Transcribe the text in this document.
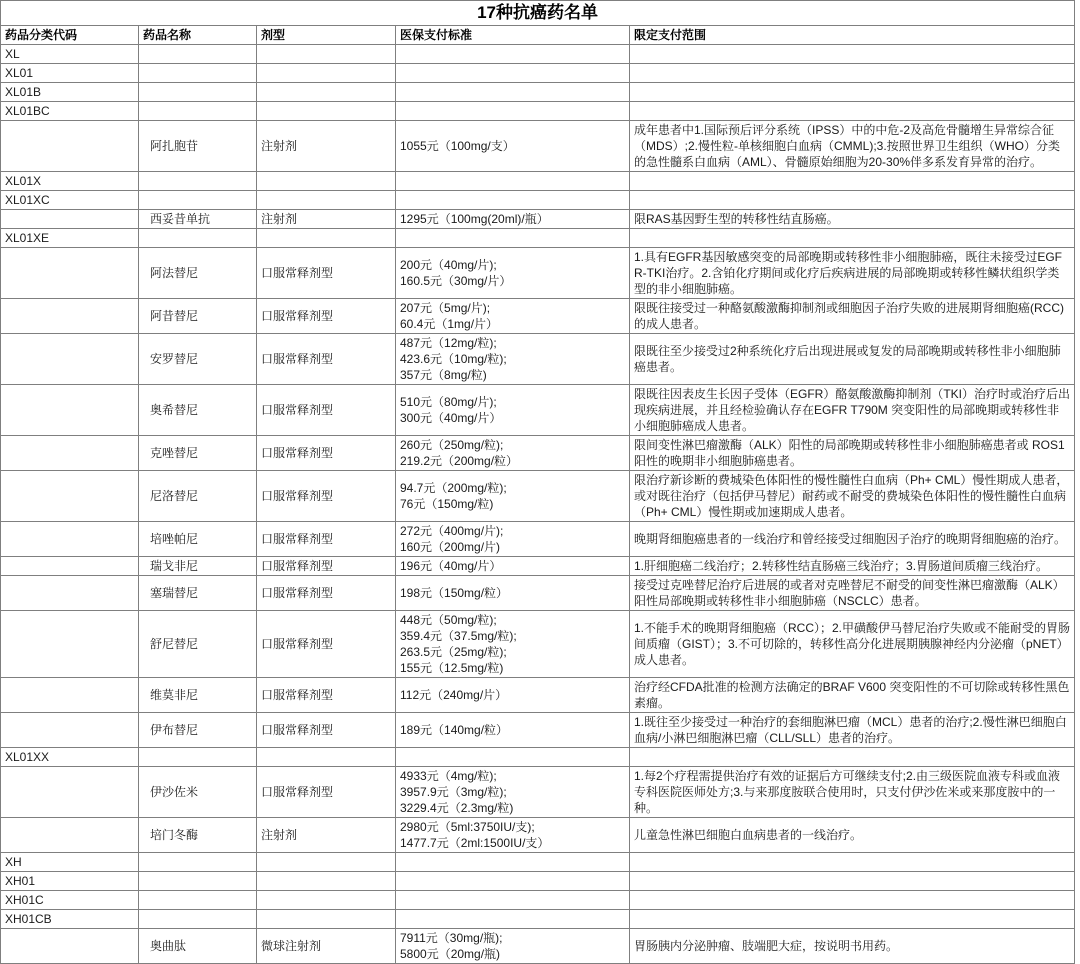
17种抗癌药名单				
药品分类代码	药品名称	剂型	医保支付标准	限定支付范围
XL				
XL01				
XL01B				
XL01BC				
	阿扎胞苷	注射剂	1055元（100mg/支）	成年患者中1.国际预后评分系统（IPSS）中的中危-2及高危骨髓增生异常综合征（MDS）;2.慢性粒-单核细胞白血病（CMML);3.按照世界卫生组织（WHO）分类的急性髓系白血病（AML）、骨髓原始细胞为20-30%伴多系发育异常的治疗。
XL01X				
XL01XC				
	西妥昔单抗	注射剂	1295元（100mg(20ml)/瓶）	限RAS基因野生型的转移性结直肠癌。
XL01XE				
	阿法替尼	口服常释剂型	200元（40mg/片);
160.5元（30mg/片）	1.具有EGFR基因敏感突变的局部晚期或转移性非小细胞肺癌，既往未接受过EGFR-TKI治疗。2.含铂化疗期间或化疗后疾病进展的局部晚期或转移性鳞状组织学类型的非小细胞肺癌。
	阿昔替尼	口服常释剂型	207元（5mg/片);
60.4元（1mg/片）	限既往接受过一种酪氨酸激酶抑制剂或细胞因子治疗失败的进展期肾细胞癌(RCC)的成人患者。
	安罗替尼	口服常释剂型	487元（12mg/粒);
423.6元（10mg/粒);
357元（8mg/粒)	限既往至少接受过2种系统化疗后出现进展或复发的局部晚期或转移性非小细胞肺癌患者。
	奥希替尼	口服常释剂型	510元（80mg/片);
300元（40mg/片）	限既往因表皮生长因子受体（EGFR）酪氨酸激酶抑制剂（TKI）治疗时或治疗后出现疾病进展，并且经检验确认存在EGFR T790M 突变阳性的局部晚期或转移性非小细胞肺癌成人患者。
	克唑替尼	口服常释剂型	260元（250mg/粒);
219.2元（200mg/粒）	限间变性淋巴瘤激酶（ALK）阳性的局部晚期或转移性非小细胞肺癌患者或 ROS1阳性的晚期非小细胞肺癌患者。
	尼洛替尼	口服常释剂型	94.7元（200mg/粒);
76元（150mg/粒)	限治疗新诊断的费城染色体阳性的慢性髓性白血病（Ph+ CML）慢性期成人患者，或对既往治疗（包括伊马替尼）耐药或不耐受的费城染色体阳性的慢性髓性白血病（Ph+ CML）慢性期或加速期成人患者。
	培唑帕尼	口服常释剂型	272元（400mg/片);
160元（200mg/片)	晚期肾细胞癌患者的一线治疗和曾经接受过细胞因子治疗的晚期肾细胞癌的治疗。
	瑞戈非尼	口服常释剂型	196元（40mg/片）	1.肝细胞癌二线治疗；2.转移性结直肠癌三线治疗；3.胃肠道间质瘤三线治疗。
	塞瑞替尼	口服常释剂型	198元（150mg/粒）	接受过克唑替尼治疗后进展的或者对克唑替尼不耐受的间变性淋巴瘤激酶（ALK）阳性局部晚期或转移性非小细胞肺癌（NSCLC）患者。
	舒尼替尼	口服常释剂型	448元（50mg/粒);
359.4元（37.5mg/粒);
263.5元（25mg/粒);
155元（12.5mg/粒)	1.不能手术的晚期肾细胞癌（RCC）；2.甲磺酸伊马替尼治疗失败或不能耐受的胃肠间质瘤（GIST）；3.不可切除的，转移性高分化进展期胰腺神经内分泌瘤（pNET）成人患者。
	维莫非尼	口服常释剂型	112元（240mg/片）	治疗经CFDA批准的检测方法确定的BRAF V600 突变阳性的不可切除或转移性黑色素瘤。
	伊布替尼	口服常释剂型	189元（140mg/粒）	1.既往至少接受过一种治疗的套细胞淋巴瘤（MCL）患者的治疗;2.慢性淋巴细胞白血病/小淋巴细胞淋巴瘤（CLL/SLL）患者的治疗。
XL01XX				
	伊沙佐米	口服常释剂型	4933元（4mg/粒);
3957.9元（3mg/粒);
3229.4元（2.3mg/粒)	1.每2个疗程需提供治疗有效的证据后方可继续支付;2.由三级医院血液专科或血液专科医院医师处方;3.与来那度胺联合使用时，只支付伊沙佐米或来那度胺中的一种。
	培门冬酶	注射剂	2980元（5ml:3750IU/支);
1477.7元（2ml:1500IU/支）	儿童急性淋巴细胞白血病患者的一线治疗。
XH				
XH01				
XH01C				
XH01CB				
	奥曲肽	微球注射剂	7911元（30mg/瓶);
5800元（20mg/瓶)	胃肠胰内分泌肿瘤、肢端肥大症，按说明书用药。
